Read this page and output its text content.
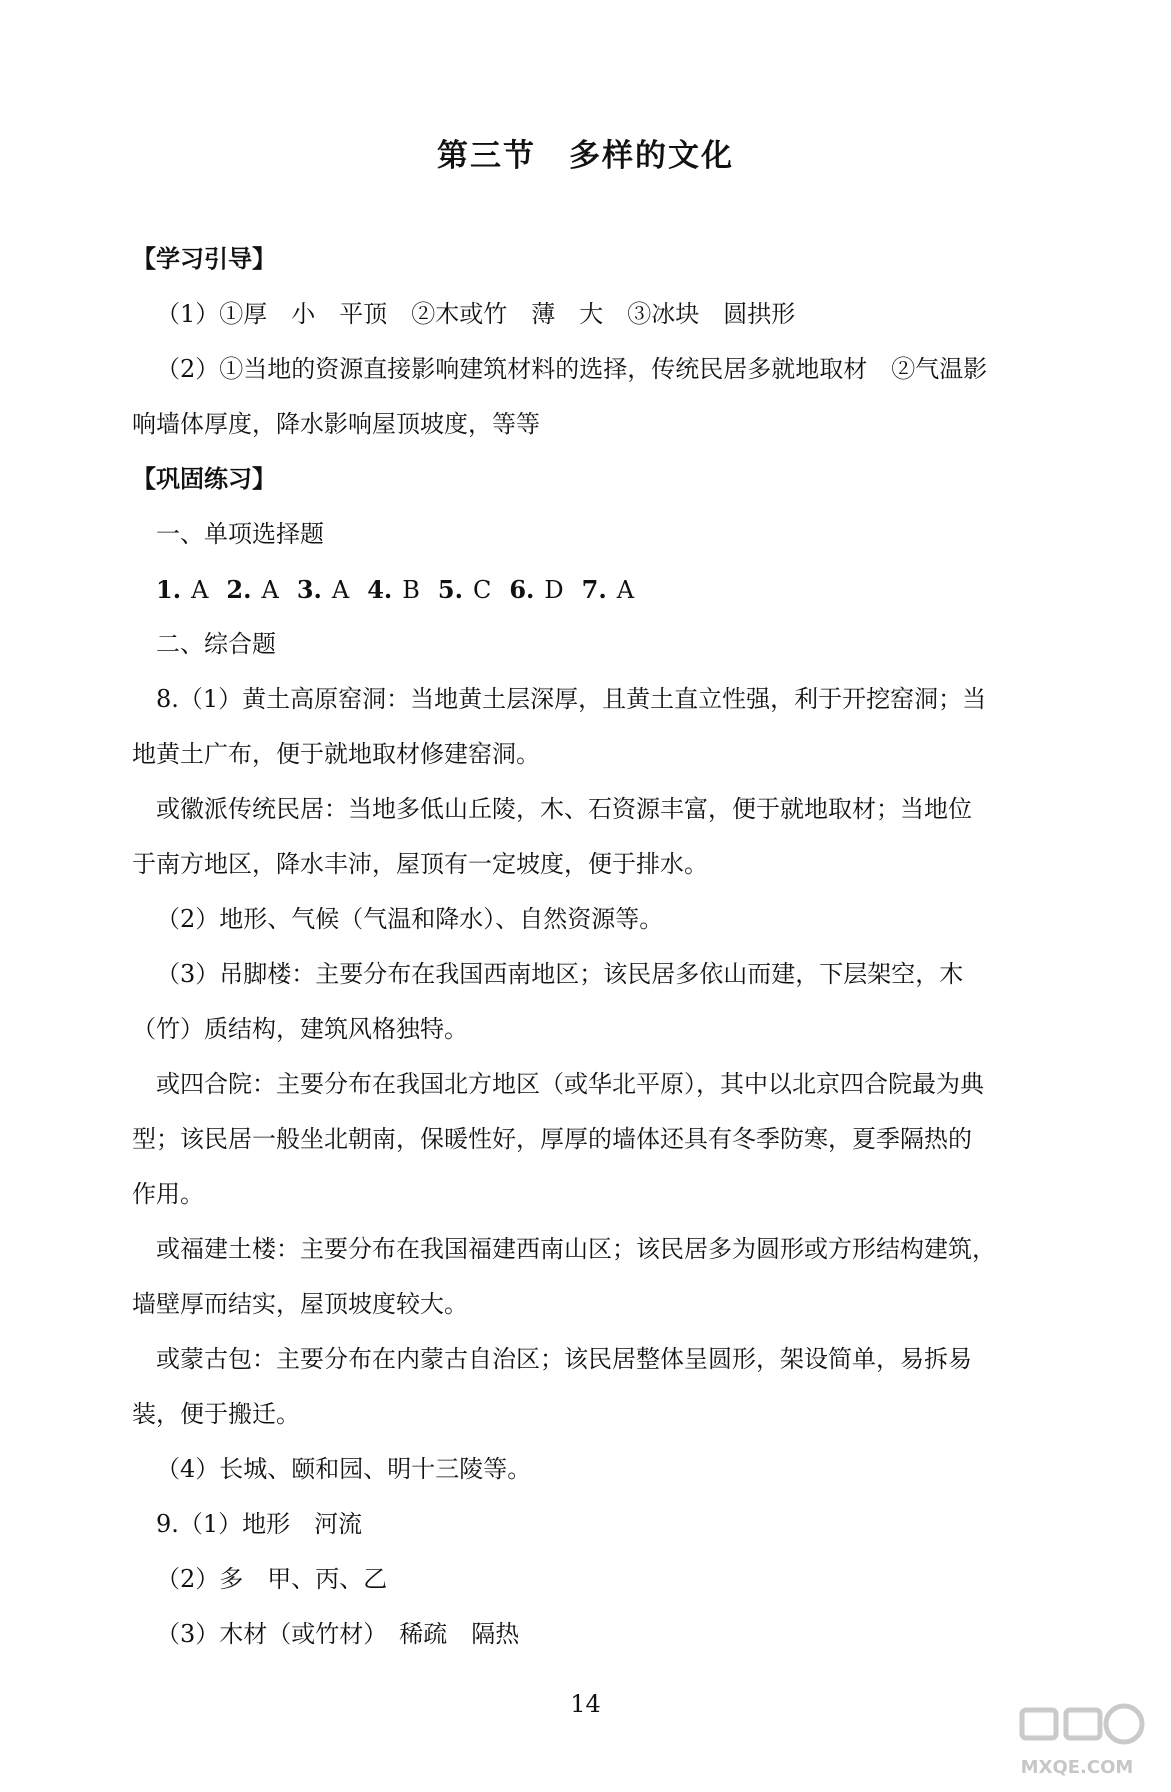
第三节　多样的文化
【学习引导】
（1）①厚　小　平顶　②木或竹　薄　大　③冰块　圆拱形
（2）①当地的资源直接影响建筑材料的选择，传统民居多就地取材　②气温影
响墙体厚度，降水影响屋顶坡度，等等
【巩固练习】
一、单项选择题
1. A 2. A 3. A 4. B 5. C 6. D 7. A
二、综合题
8.（1）黄土高原窑洞：当地黄土层深厚，且黄土直立性强，利于开挖窑洞；当
地黄土广布，便于就地取材修建窑洞。
或徽派传统民居：当地多低山丘陵，木、石资源丰富，便于就地取材；当地位
于南方地区，降水丰沛，屋顶有一定坡度，便于排水。
（2）地形、气候（气温和降水）、自然资源等。
（3）吊脚楼：主要分布在我国西南地区；该民居多依山而建，下层架空，木
（竹）质结构，建筑风格独特。
或四合院：主要分布在我国北方地区（或华北平原），其中以北京四合院最为典
型；该民居一般坐北朝南，保暖性好，厚厚的墙体还具有冬季防寒，夏季隔热的
作用。
或福建土楼：主要分布在我国福建西南山区；该民居多为圆形或方形结构建筑，
墙壁厚而结实，屋顶坡度较大。
或蒙古包：主要分布在内蒙古自治区；该民居整体呈圆形，架设简单，易拆易
装，便于搬迁。
（4）长城、颐和园、明十三陵等。
9.（1）地形　河流
（2）多　甲、丙、乙
（3）木材（或竹材）　稀疏　隔热
14
MXQE.COM
